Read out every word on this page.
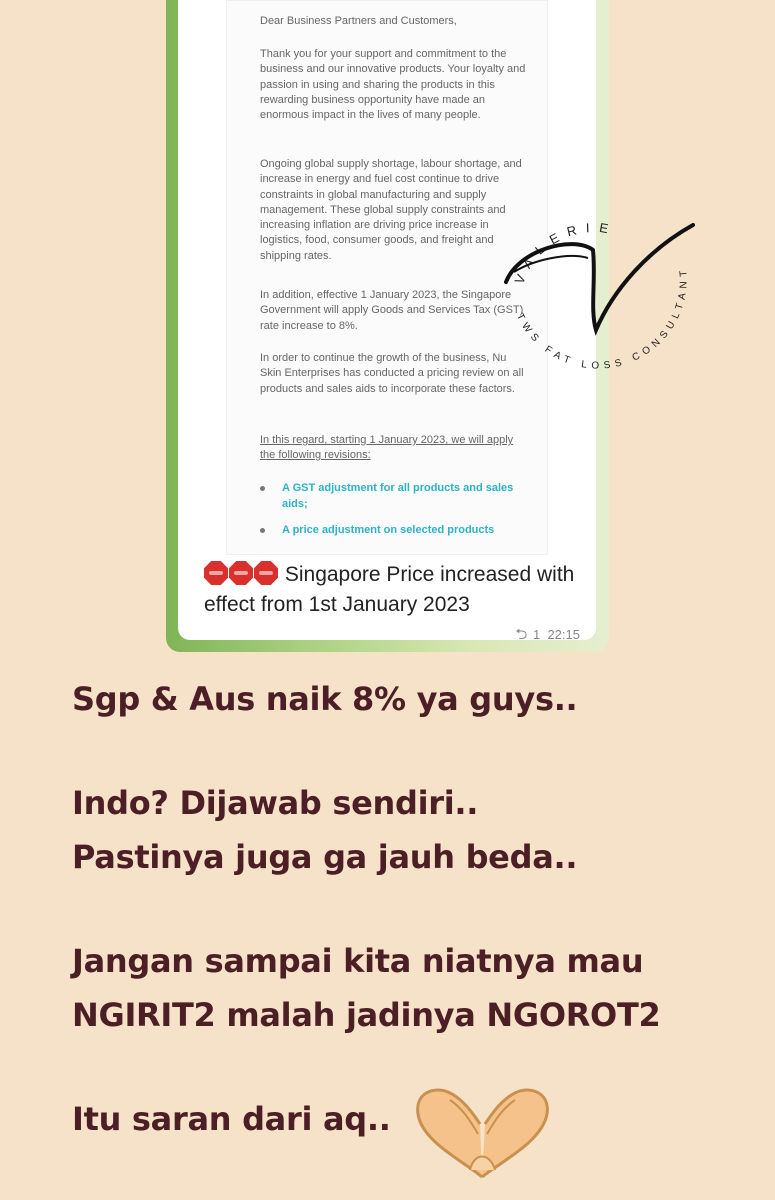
Dear Business Partners and Customers,

Thank you for your support and commitment to the business and our innovative products. Your loyalty and passion in using and sharing the products in this rewarding business opportunity have made an enormous impact in the lives of many people.

Ongoing global supply shortage, labour shortage, and increase in energy and fuel cost continue to drive constraints in global manufacturing and supply management. These global supply constraints and increasing inflation are driving price increase in logistics, food, consumer goods, and freight and shipping rates.

In addition, effective 1 January 2023, the Singapore Government will apply Goods and Services Tax (GST) rate increase to 8%.

In order to continue the growth of the business, Nu Skin Enterprises has conducted a pricing review on all products and sales aids to incorporate these factors.

In this regard, starting 1 January 2023, we will apply the following revisions:

A GST adjustment for all products and sales aids;
A price adjustment on selected products
Singapore Price increased with effect from 1st January 2023
⮌ 1 22:15
VALERIE
TWS FAT LOSS CONSULTANT

Sgp & Aus naik 8% ya guys..

Indo? Dijawab sendiri..

Pastinya juga ga jauh beda..

Jangan sampai kita niatnya mau

NGIRIT2 malah jadinya NGOROT2

Itu saran dari aq..
